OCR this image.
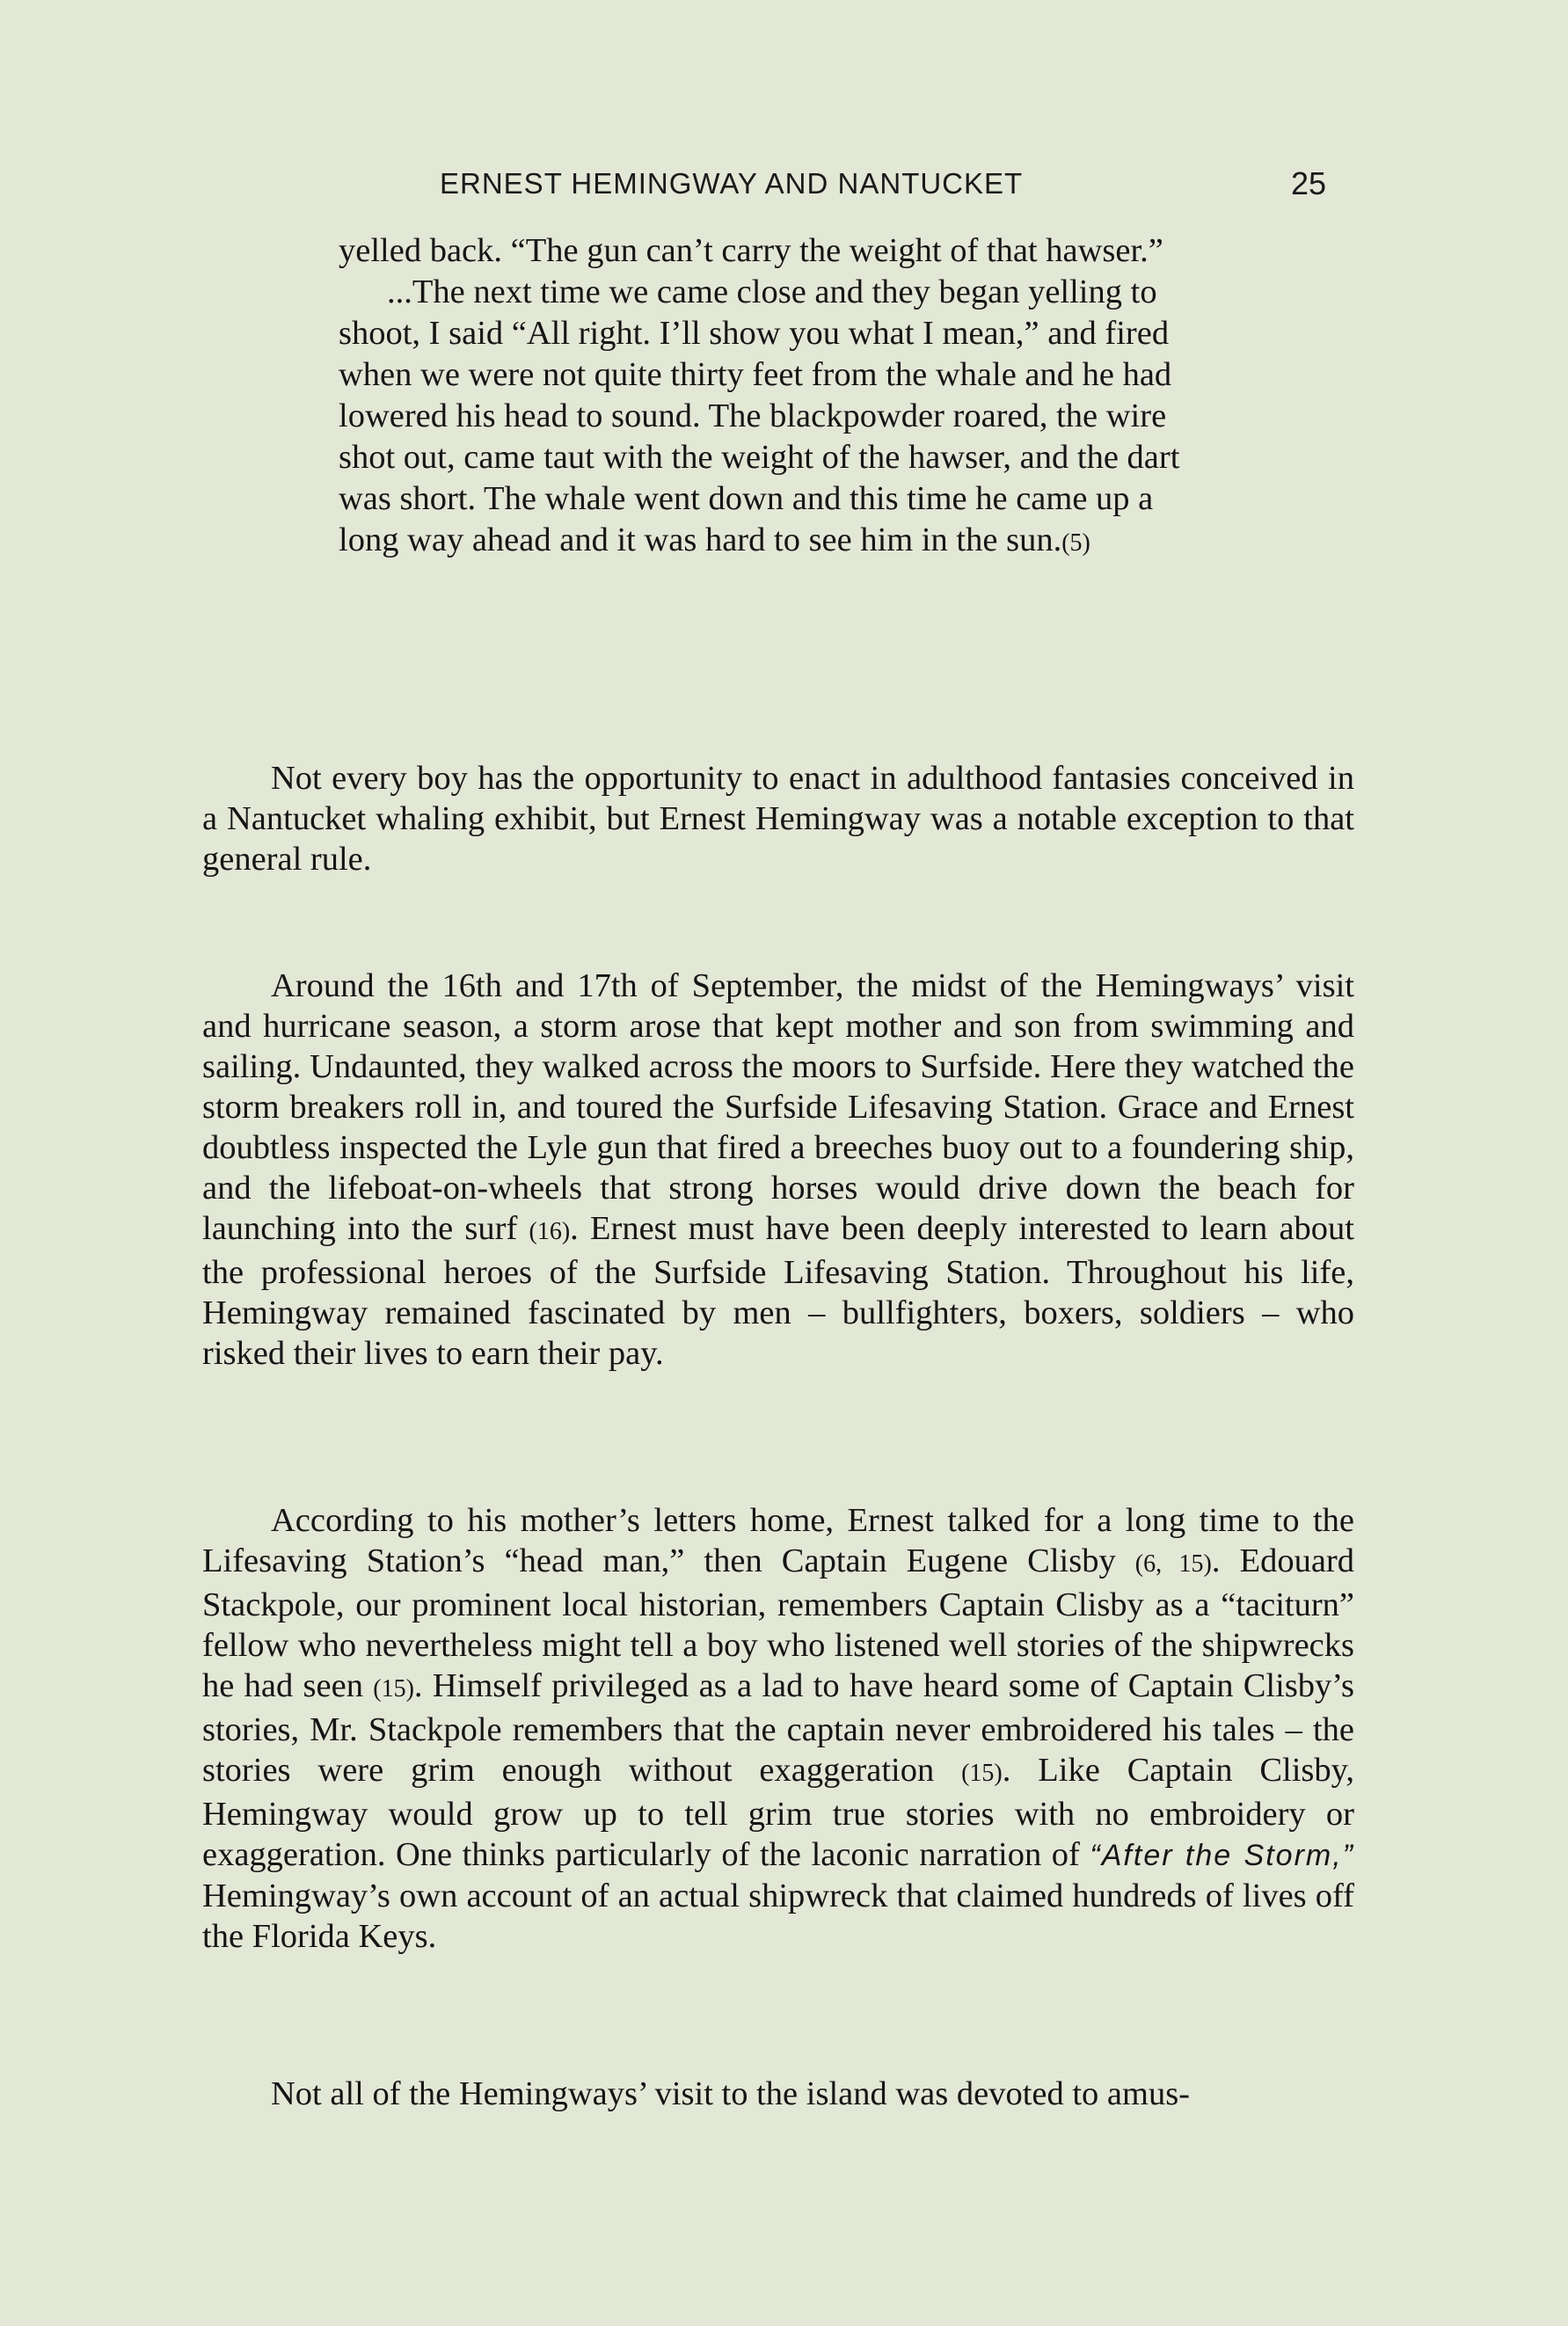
ERNEST HEMINGWAY AND NANTUCKET	25

yelled back. “The gun can’t carry the weight of that hawser.”

...The next time we came close and they began yelling to shoot, I said “All right. I’ll show you what I mean,” and fired when we were not quite thirty feet from the whale and he had lowered his head to sound. The blackpowder roared, the wire shot out, came taut with the weight of the hawser, and the dart was short. The whale went down and this time he came up a long way ahead and it was hard to see him in the sun.(5)

Not every boy has the opportunity to enact in adulthood fantasies conceived in a Nantucket whaling exhibit, but Ernest Hemingway was a notable exception to that general rule.

Around the 16th and 17th of September, the midst of the Hemingways’ visit and hurricane season, a storm arose that kept mother and son from swimming and sailing. Undaunted, they walked across the moors to Surfside. Here they watched the storm breakers roll in, and toured the Surfside Lifesaving Station. Grace and Ernest doubtless inspected the Lyle gun that fired a breeches buoy out to a foundering ship, and the lifeboat-on-wheels that strong horses would drive down the beach for launching into the surf (16). Ernest must have been deeply interested to learn about the professional heroes of the Surfside Lifesaving Station. Throughout his life, Hemingway remained fascinated by men – bullfighters, boxers, soldiers – who risked their lives to earn their pay.

According to his mother’s letters home, Ernest talked for a long time to the Lifesaving Station’s “head man,” then Captain Eugene Clisby (6, 15). Edouard Stackpole, our prominent local historian, remembers Captain Clisby as a “taciturn” fellow who nevertheless might tell a boy who listened well stories of the shipwrecks he had seen (15). Himself privileged as a lad to have heard some of Captain Clisby’s stories, Mr. Stackpole remembers that the captain never embroidered his tales – the stories were grim enough without exaggeration (15). Like Captain Clisby, Hemingway would grow up to tell grim true stories with no embroidery or exaggeration. One thinks particularly of the laconic narration of “After the Storm,” Hemingway’s own account of an actual shipwreck that claimed hundreds of lives off the Florida Keys.

Not all of the Hemingways’ visit to the island was devoted to amus-
